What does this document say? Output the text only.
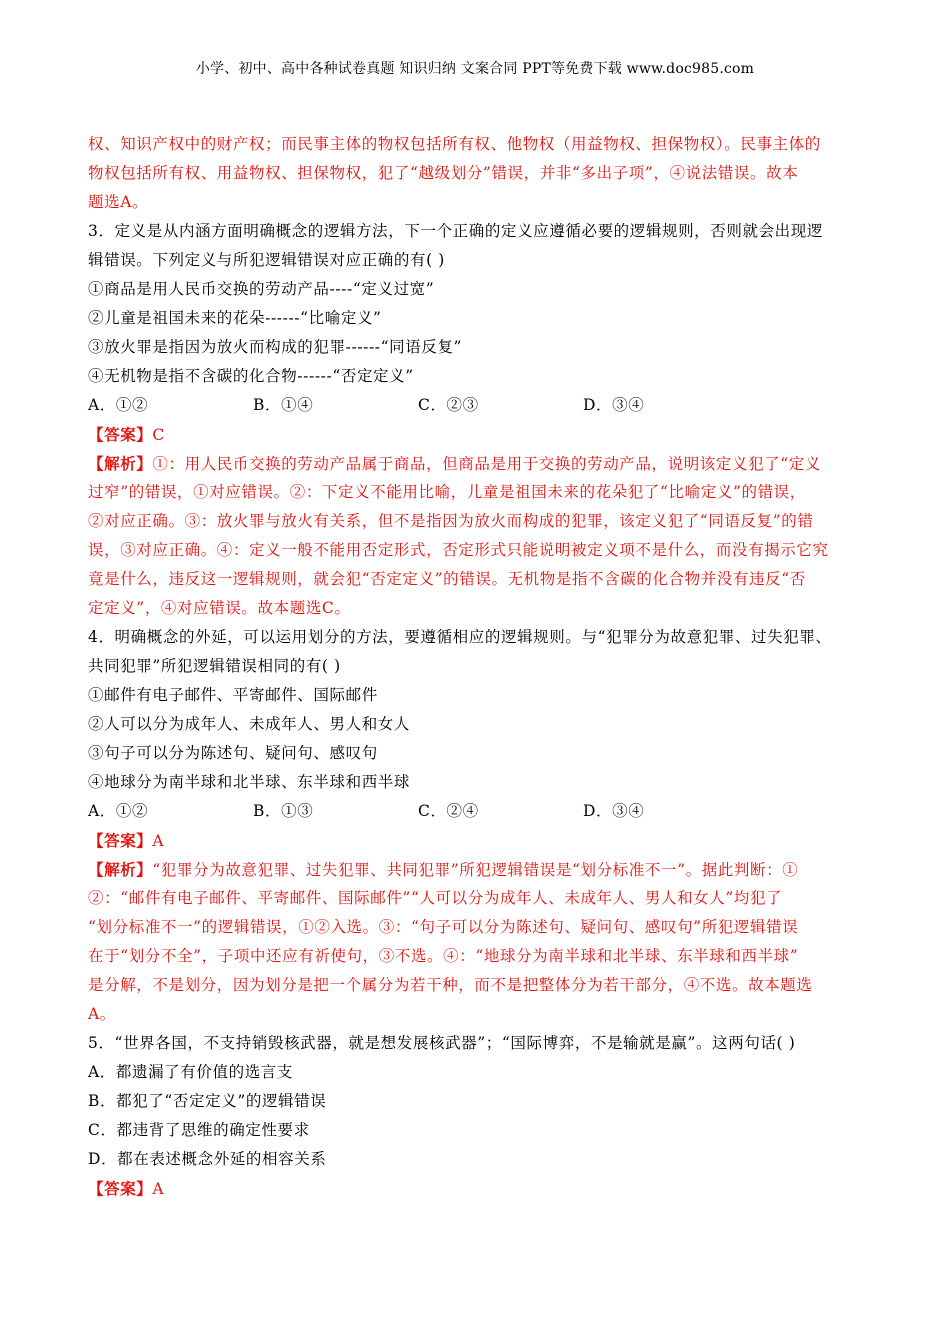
小学、初中、高中各种试卷真题 知识归纳 文案合同 PPT等免费下载 www.doc985.com
权、知识产权中的财产权；而民事主体的物权包括所有权、他物权（用益物权、担保物权）。民事主体的
物权包括所有权、用益物权、担保物权，犯了“越级划分”错误，并非“多出子项”，④说法错误。故本
题选A。
3．定义是从内涵方面明确概念的逻辑方法，下一个正确的定义应遵循必要的逻辑规则，否则就会出现逻
辑错误。下列定义与所犯逻辑错误对应正确的有( )
①商品是用人民币交换的劳动产品----“定义过宽”
②儿童是祖国未来的花朵------“比喻定义”
③放火罪是指因为放火而构成的犯罪------“同语反复”
④无机物是指不含碳的化合物------“否定定义”
A．①②	B．①④	C．②③	D．③④
【答案】C
【解析】①：用人民币交换的劳动产品属于商品，但商品是用于交换的劳动产品，说明该定义犯了“定义
过窄”的错误，①对应错误。②：下定义不能用比喻，儿童是祖国未来的花朵犯了“比喻定义”的错误，
②对应正确。③：放火罪与放火有关系，但不是指因为放火而构成的犯罪，该定义犯了“同语反复”的错
误，③对应正确。④：定义一般不能用否定形式，否定形式只能说明被定义项不是什么，而没有揭示它究
竟是什么，违反这一逻辑规则，就会犯“否定定义”的错误。无机物是指不含碳的化合物并没有违反“否
定定义”，④对应错误。故本题选C。
4．明确概念的外延，可以运用划分的方法，要遵循相应的逻辑规则。与“犯罪分为故意犯罪、过失犯罪、
共同犯罪”所犯逻辑错误相同的有( )
①邮件有电子邮件、平寄邮件、国际邮件
②人可以分为成年人、未成年人、男人和女人
③句子可以分为陈述句、疑问句、感叹句
④地球分为南半球和北半球、东半球和西半球
A．①②	B．①③	C．②④	D．③④
【答案】A
【解析】“犯罪分为故意犯罪、过失犯罪、共同犯罪”所犯逻辑错误是“划分标准不一”。据此判断：①
②：“邮件有电子邮件、平寄邮件、国际邮件”“人可以分为成年人、未成年人、男人和女人”均犯了
“划分标准不一”的逻辑错误，①②入选。③：“句子可以分为陈述句、疑问句、感叹句”所犯逻辑错误
在于“划分不全”，子项中还应有祈使句，③不选。④：“地球分为南半球和北半球、东半球和西半球”
是分解，不是划分，因为划分是把一个属分为若干种，而不是把整体分为若干部分，④不选。故本题选
A。
5．“世界各国，不支持销毁核武器，就是想发展核武器”；“国际博弈，不是输就是赢”。这两句话( )
A．都遗漏了有价值的选言支
B．都犯了“否定定义”的逻辑错误
C．都违背了思维的确定性要求
D．都在表述概念外延的相容关系
【答案】A
